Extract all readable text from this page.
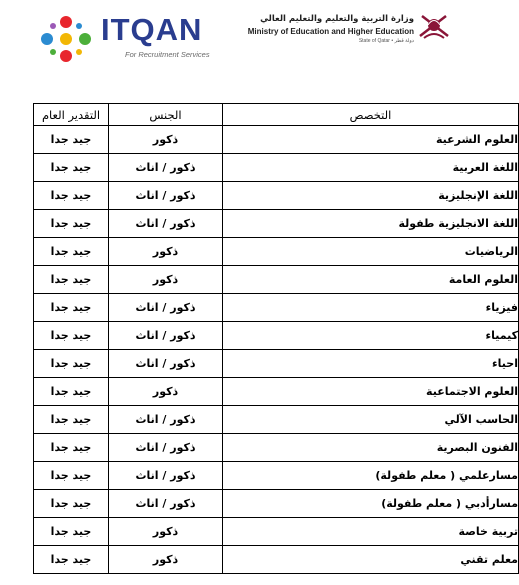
ITQAN
For Recruitment Services
وزارة التربية والتعليم والتعليم العالي
Ministry of Education and Higher Education
State of Qatar • دولة قطر
التقدير العام	الجنس	التخصص
جيد جدا	ذكور	العلوم الشرعية
جيد جدا	ذكور / اناث	اللغة العربية
جيد جدا	ذكور / اناث	اللغة الإنجليزية
جيد جدا	ذكور / اناث	اللغة الانجليزية طفولة
جيد جدا	ذكور	الرياضيات
جيد جدا	ذكور	العلوم العامة
جيد جدا	ذكور / اناث	فيزياء
جيد جدا	ذكور / اناث	كيمياء
جيد جدا	ذكور / اناث	احياء
جيد جدا	ذكور	العلوم الاجتماعية
جيد جدا	ذكور / اناث	الحاسب الآلي
جيد جدا	ذكور / اناث	الفنون البصرية
جيد جدا	ذكور / اناث	مسارعلمي ( معلم طفولة)
جيد جدا	ذكور / اناث	مسارأدبي ( معلم طفولة)
جيد جدا	ذكور	تربية خاصة
جيد جدا	ذكور	معلم تقني
